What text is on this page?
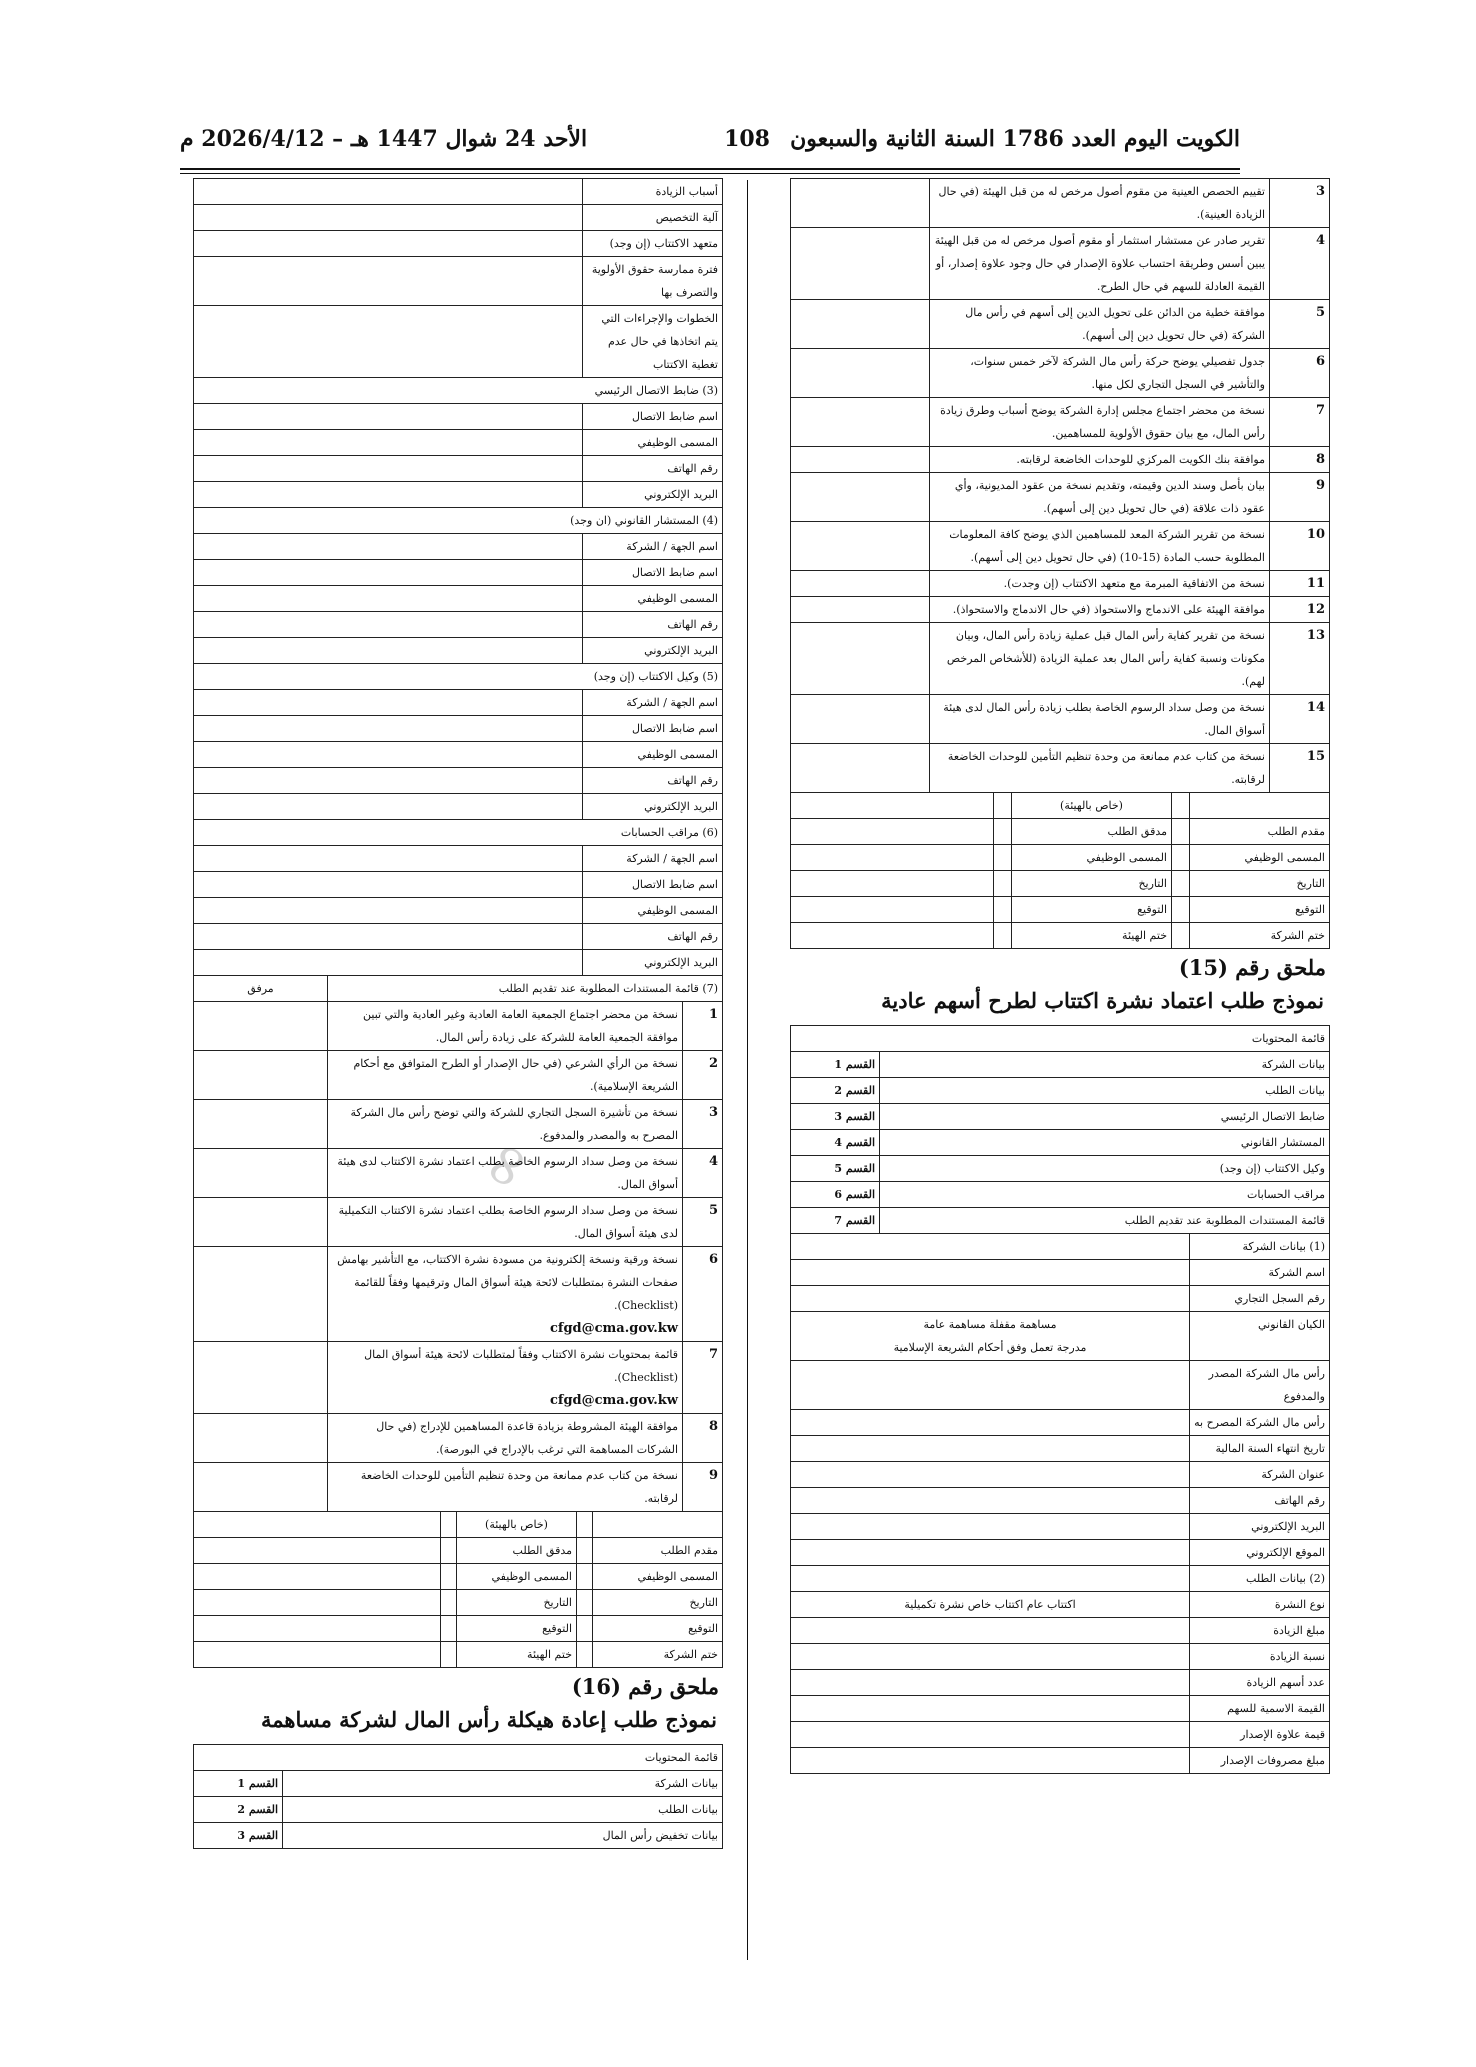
الكويت اليوم العدد 1786 السنة الثانية والسبعون
108
الأحد 24 شوال 1447 هـ – 2026/4/12 م
∞
3	تقييم الحصص العينية من مقوم أصول مرخص له من قبل الهيئة (في حال الزيادة العينية).	
4	تقرير صادر عن مستشار استثمار أو مقوم أصول مرخص له من قبل الهيئة يبين أسس وطريقة احتساب علاوة الإصدار في حال وجود علاوة إصدار، أو القيمة العادلة للسهم في حال الطرح.	
5	موافقة خطية من الدائن على تحويل الدين إلى أسهم في رأس مال الشركة (في حال تحويل دين إلى أسهم).	
6	جدول تفصيلي يوضح حركة رأس مال الشركة لآخر خمس سنوات، والتأشير في السجل التجاري لكل منها.	
7	نسخة من محضر اجتماع مجلس إدارة الشركة يوضح أسباب وطرق زيادة رأس المال، مع بيان حقوق الأولوية للمساهمين.	
8	موافقة بنك الكويت المركزي للوحدات الخاضعة لرقابته.	
9	بيان بأصل وسند الدين وقيمته، وتقديم نسخة من عقود المديونية، وأي عقود ذات علاقة (في حال تحويل دين إلى أسهم).	
10	نسخة من تقرير الشركة المعد للمساهمين الذي يوضح كافة المعلومات المطلوبة حسب المادة (15-10) (في حال تحويل دين إلى أسهم).	
11	نسخة من الاتفاقية المبرمة مع متعهد الاكتتاب (إن وجدت).	
12	موافقة الهيئة على الاندماج والاستحواذ (في حال الاندماج والاستحواذ).	
13	نسخة من تقرير كفاية رأس المال قبل عملية زيادة رأس المال، وبيان مكونات ونسبة كفاية رأس المال بعد عملية الزيادة (للأشخاص المرخص لهم).	
14	نسخة من وصل سداد الرسوم الخاصة بطلب زيادة رأس المال لدى هيئة أسواق المال.	
15	نسخة من كتاب عدم ممانعة من وحدة تنظيم التأمين للوحدات الخاضعة لرقابته.	
		(خاص بالهيئة)		
مقدم الطلب		مدقق الطلب		
المسمى الوظيفي		المسمى الوظيفي		
التاريخ		التاريخ		
التوقيع		التوقيع		
ختم الشركة		ختم الهيئة		
ملحق رقم (15)
نموذج طلب اعتماد نشرة اكتتاب لطرح أسهم عادية
قائمة المحتويات	
بيانات الشركة	القسم 1
بيانات الطلب	القسم 2
ضابط الاتصال الرئيسي	القسم 3
المستشار القانوني	القسم 4
وكيل الاكتتاب (إن وجد)	القسم 5
مراقب الحسابات	القسم 6
قائمة المستندات المطلوبة عند تقديم الطلب	القسم 7
(1) بيانات الشركة	
اسم الشركة	
رقم السجل التجاري	
الكيان القانوني	مساهمة مقفلة مساهمة عامة
مدرجة تعمل وفق أحكام الشريعة الإسلامية

رأس مال الشركة المصدر والمدفوع	
رأس مال الشركة المصرح به	
تاريخ انتهاء السنة المالية	
عنوان الشركة	
رقم الهاتف	
البريد الإلكتروني	
الموقع الإلكتروني	
(2) بيانات الطلب	
نوع النشرة	اكتتاب عام اكتتاب خاص نشرة تكميلية

مبلغ الزيادة	
نسبة الزيادة	
عدد أسهم الزيادة	
القيمة الاسمية للسهم	
قيمة علاوة الإصدار	
مبلغ مصروفات الإصدار	
أسباب الزيادة	
آلية التخصيص	
متعهد الاكتتاب (إن وجد)	
فترة ممارسة حقوق الأولوية والتصرف بها	
الخطوات والإجراءات التي يتم اتخاذها في حال عدم تغطية الاكتتاب	
(3) ضابط الاتصال الرئيسي	
اسم ضابط الاتصال	
المسمى الوظيفي	
رقم الهاتف	
البريد الإلكتروني	
(4) المستشار القانوني (ان وجد)	
اسم الجهة / الشركة	
اسم ضابط الاتصال	
المسمى الوظيفي	
رقم الهاتف	
البريد الإلكتروني	
(5) وكيل الاكتتاب (إن وجد)	
اسم الجهة / الشركة	
اسم ضابط الاتصال	
المسمى الوظيفي	
رقم الهاتف	
البريد الإلكتروني	
(6) مراقب الحسابات	
اسم الجهة / الشركة	
اسم ضابط الاتصال	
المسمى الوظيفي	
رقم الهاتف	
البريد الإلكتروني	
(7) قائمة المستندات المطلوبة عند تقديم الطلب		مرفق
1	نسخة من محضر اجتماع الجمعية العامة العادية وغير العادية والتي تبين موافقة الجمعية العامة للشركة على زيادة رأس المال.	

2	نسخة من الرأي الشرعي (في حال الإصدار أو الطرح المتوافق مع أحكام الشريعة الإسلامية).	

3	نسخة من تأشيرة السجل التجاري للشركة والتي توضح رأس مال الشركة المصرح به والمصدر والمدفوع.	

4	نسخة من وصل سداد الرسوم الخاصة بطلب اعتماد نشرة الاكتتاب لدى هيئة أسواق المال.	

5	نسخة من وصل سداد الرسوم الخاصة بطلب اعتماد نشرة الاكتتاب التكميلية لدى هيئة أسواق المال.	

6	نسخة ورقية ونسخة إلكترونية من مسودة نشرة الاكتتاب، مع التأشير بهامش صفحات النشرة بمتطلبات لائحة هيئة أسواق المال وترقيمها وفقاً للقائمة (Checklist).
cfgd@cma.gov.kw	

7	قائمة بمحتويات نشرة الاكتتاب وفقاً لمتطلبات لائحة هيئة أسواق المال (Checklist).
cfgd@cma.gov.kw	

8	موافقة الهيئة المشروطة بزيادة قاعدة المساهمين للإدراج (في حال الشركات المساهمة التي ترغب بالإدراج في البورصة).	

9	نسخة من كتاب عدم ممانعة من وحدة تنظيم التأمين للوحدات الخاضعة لرقابته.	

		(خاص بالهيئة)		
مقدم الطلب		مدقق الطلب		
المسمى الوظيفي		المسمى الوظيفي		
التاريخ		التاريخ		
التوقيع		التوقيع		
ختم الشركة		ختم الهيئة		
ملحق رقم (16)
نموذج طلب إعادة هيكلة رأس المال لشركة مساهمة
قائمة المحتويات	
بيانات الشركة	القسم 1
بيانات الطلب	القسم 2
بيانات تخفيض رأس المال	القسم 3
